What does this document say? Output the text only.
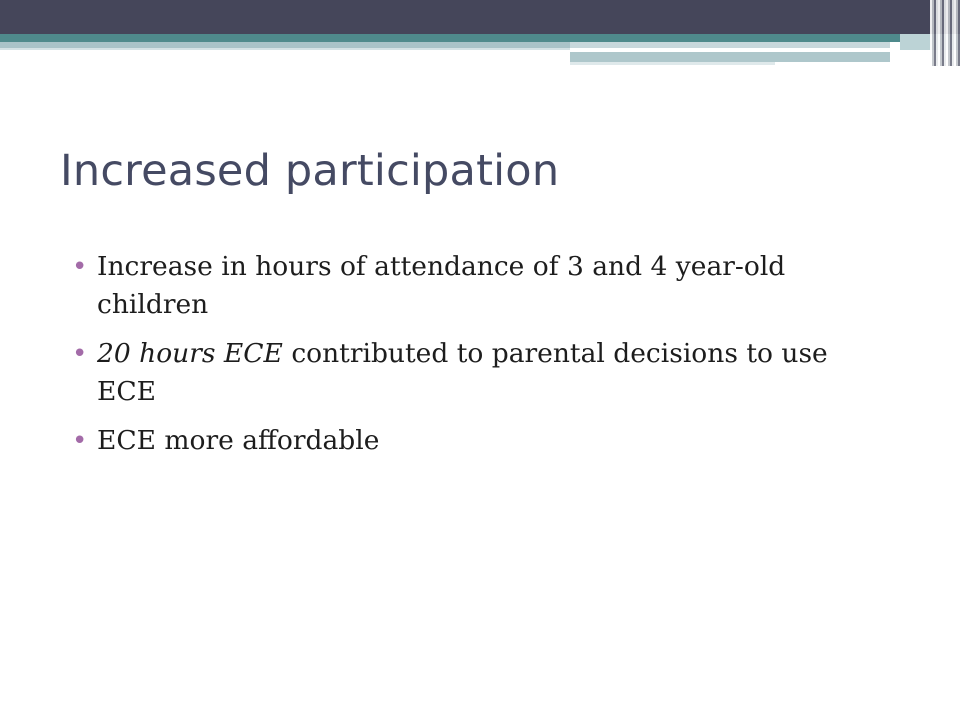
Increased participation
• Increase in hours of attendance of 3 and 4 year-old children
• 20 hours ECE contributed to parental decisions to use ECE
• ECE more affordable
